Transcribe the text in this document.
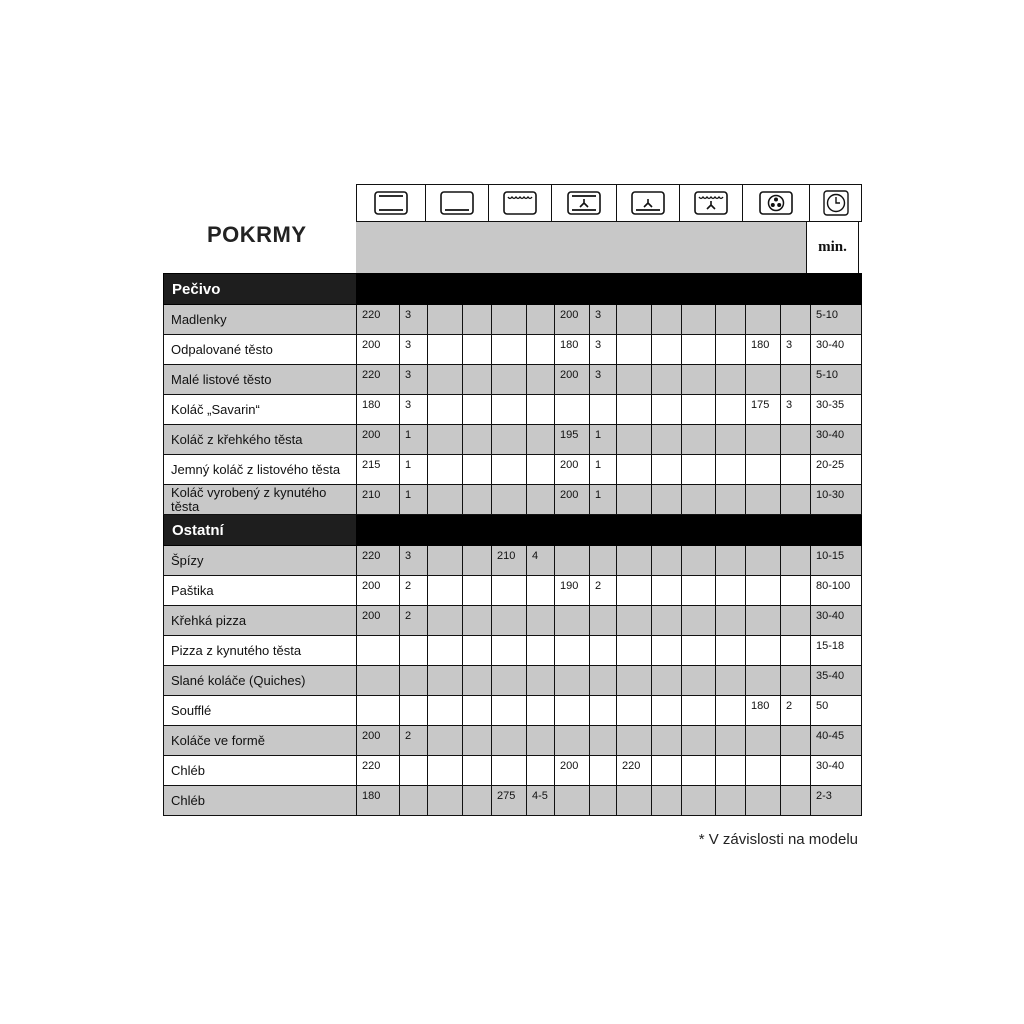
POKRMY	min.
Pečivo															
Madlenky	220	3					200	3							5-10
Odpalované těsto	200	3					180	3					180	3	30-40
Malé listové těsto	220	3					200	3							5-10
Koláč „Savarin“	180	3											175	3	30-35
Koláč z křehkého těsta	200	1					195	1							30-40
Jemný koláč z listového těsta	215	1					200	1							20-25
Koláč vyrobený z kynutého těsta	210	1					200	1							10-30
Ostatní															
Špízy	220	3			210	4									10-15
Paštika	200	2					190	2							80-100
Křehká pizza	200	2													30-40
Pizza z kynutého těsta															15-18
Slané koláče (Quiches)															35-40
Soufflé													180	2	50
Koláče ve formě	200	2													40-45
Chléb	220						200		220						30-40
Chléb	180				275	4-5									2-3
* V závislosti na modelu
